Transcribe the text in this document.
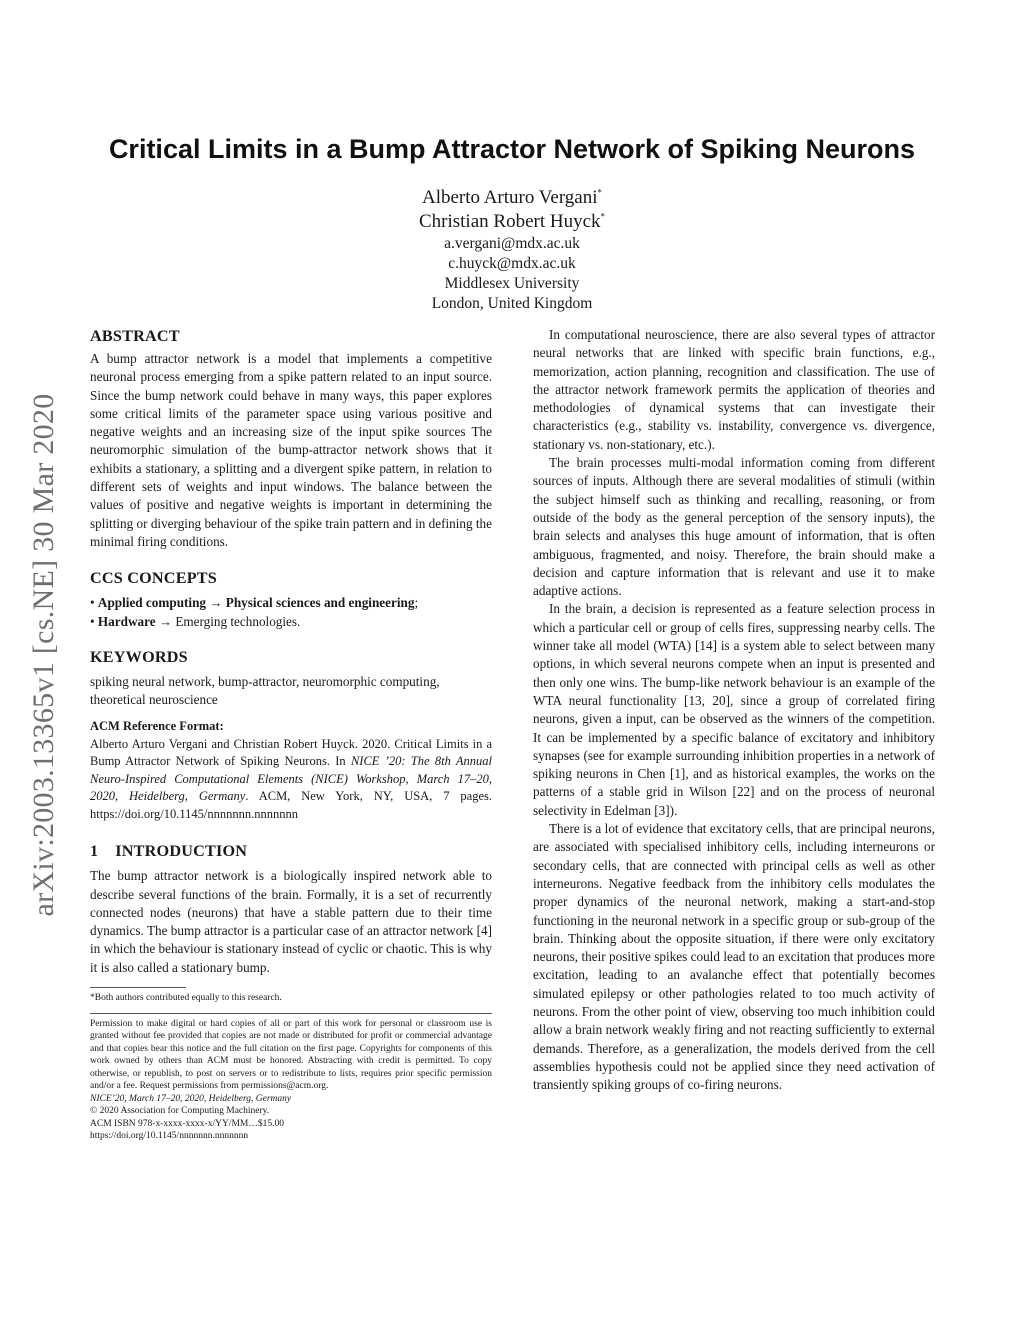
arXiv:2003.13365v1 [cs.NE] 30 Mar 2020
Critical Limits in a Bump Attractor Network of Spiking Neurons
Alberto Arturo Vergani*
Christian Robert Huyck*
a.vergani@mdx.ac.uk
c.huyck@mdx.ac.uk
Middlesex University
London, United Kingdom
ABSTRACT

A bump attractor network is a model that implements a competitive neuronal process emerging from a spike pattern related to an input source. Since the bump network could behave in many ways, this paper explores some critical limits of the parameter space using various positive and negative weights and an increasing size of the input spike sources The neuromorphic simulation of the bump-attractor network shows that it exhibits a stationary, a splitting and a divergent spike pattern, in relation to different sets of weights and input windows. The balance between the values of positive and negative weights is important in determining the splitting or diverging behaviour of the spike train pattern and in defining the minimal firing conditions.

CCS CONCEPTS
• Applied computing → Physical sciences and engineering;
• Hardware → Emerging technologies.
KEYWORDS

spiking neural network, bump-attractor, neuromorphic computing, theoretical neuroscience

ACM Reference Format:

Alberto Arturo Vergani and Christian Robert Huyck. 2020. Critical Limits in a Bump Attractor Network of Spiking Neurons. In NICE ’20: The 8th Annual Neuro-Inspired Computational Elements (NICE) Workshop, March 17–20, 2020, Heidelberg, Germany. ACM, New York, NY, USA, 7 pages. https://doi.org/10.1145/nnnnnnn.nnnnnnn

1    INTRODUCTION

The bump attractor network is a biologically inspired network able to describe several functions of the brain. Formally, it is a set of recurrently connected nodes (neurons) that have a stable pattern due to their time dynamics. The bump attractor is a particular case of an attractor network [4] in which the behaviour is stationary instead of cyclic or chaotic. This is why it is also called a stationary bump.

*Both authors contributed equally to this research.

Permission to make digital or hard copies of all or part of this work for personal or classroom use is granted without fee provided that copies are not made or distributed for profit or commercial advantage and that copies bear this notice and the full citation on the first page. Copyrights for components of this work owned by others than ACM must be honored. Abstracting with credit is permitted. To copy otherwise, or republish, to post on servers or to redistribute to lists, requires prior specific permission and/or a fee. Request permissions from permissions@acm.org.

NICE’20, March 17–20, 2020, Heidelberg, Germany
© 2020 Association for Computing Machinery.
ACM ISBN 978-x-xxxx-xxxx-x/YY/MM…$15.00
https://doi.org/10.1145/nnnnnnn.nnnnnnn

In computational neuroscience, there are also several types of attractor neural networks that are linked with specific brain functions, e.g., memorization, action planning, recognition and classification. The use of the attractor network framework permits the application of theories and methodologies of dynamical systems that can investigate their characteristics (e.g., stability vs. instability, convergence vs. divergence, stationary vs. non-stationary, etc.).

The brain processes multi-modal information coming from different sources of inputs. Although there are several modalities of stimuli (within the subject himself such as thinking and recalling, reasoning, or from outside of the body as the general perception of the sensory inputs), the brain selects and analyses this huge amount of information, that is often ambiguous, fragmented, and noisy. Therefore, the brain should make a decision and capture information that is relevant and use it to make adaptive actions.

In the brain, a decision is represented as a feature selection process in which a particular cell or group of cells fires, suppressing nearby cells. The winner take all model (WTA) [14] is a system able to select between many options, in which several neurons compete when an input is presented and then only one wins. The bump-like network behaviour is an example of the WTA neural functionality [13, 20], since a group of correlated firing neurons, given a input, can be observed as the winners of the competition. It can be implemented by a specific balance of excitatory and inhibitory synapses (see for example surrounding inhibition properties in a network of spiking neurons in Chen [1], and as historical examples, the works on the patterns of a stable grid in Wilson [22] and on the process of neuronal selectivity in Edelman [3]).

There is a lot of evidence that excitatory cells, that are principal neurons, are associated with specialised inhibitory cells, including interneurons or secondary cells, that are connected with principal cells as well as other interneurons. Negative feedback from the inhibitory cells modulates the proper dynamics of the neuronal network, making a start-and-stop functioning in the neuronal network in a specific group or sub-group of the brain. Thinking about the opposite situation, if there were only excitatory neurons, their positive spikes could lead to an excitation that produces more excitation, leading to an avalanche effect that potentially becomes simulated epilepsy or other pathologies related to too much activity of neurons. From the other point of view, observing too much inhibition could allow a brain network weakly firing and not reacting sufficiently to external demands. Therefore, as a generalization, the models derived from the cell assemblies hypothesis could not be applied since they need activation of transiently spiking groups of co-firing neurons.
